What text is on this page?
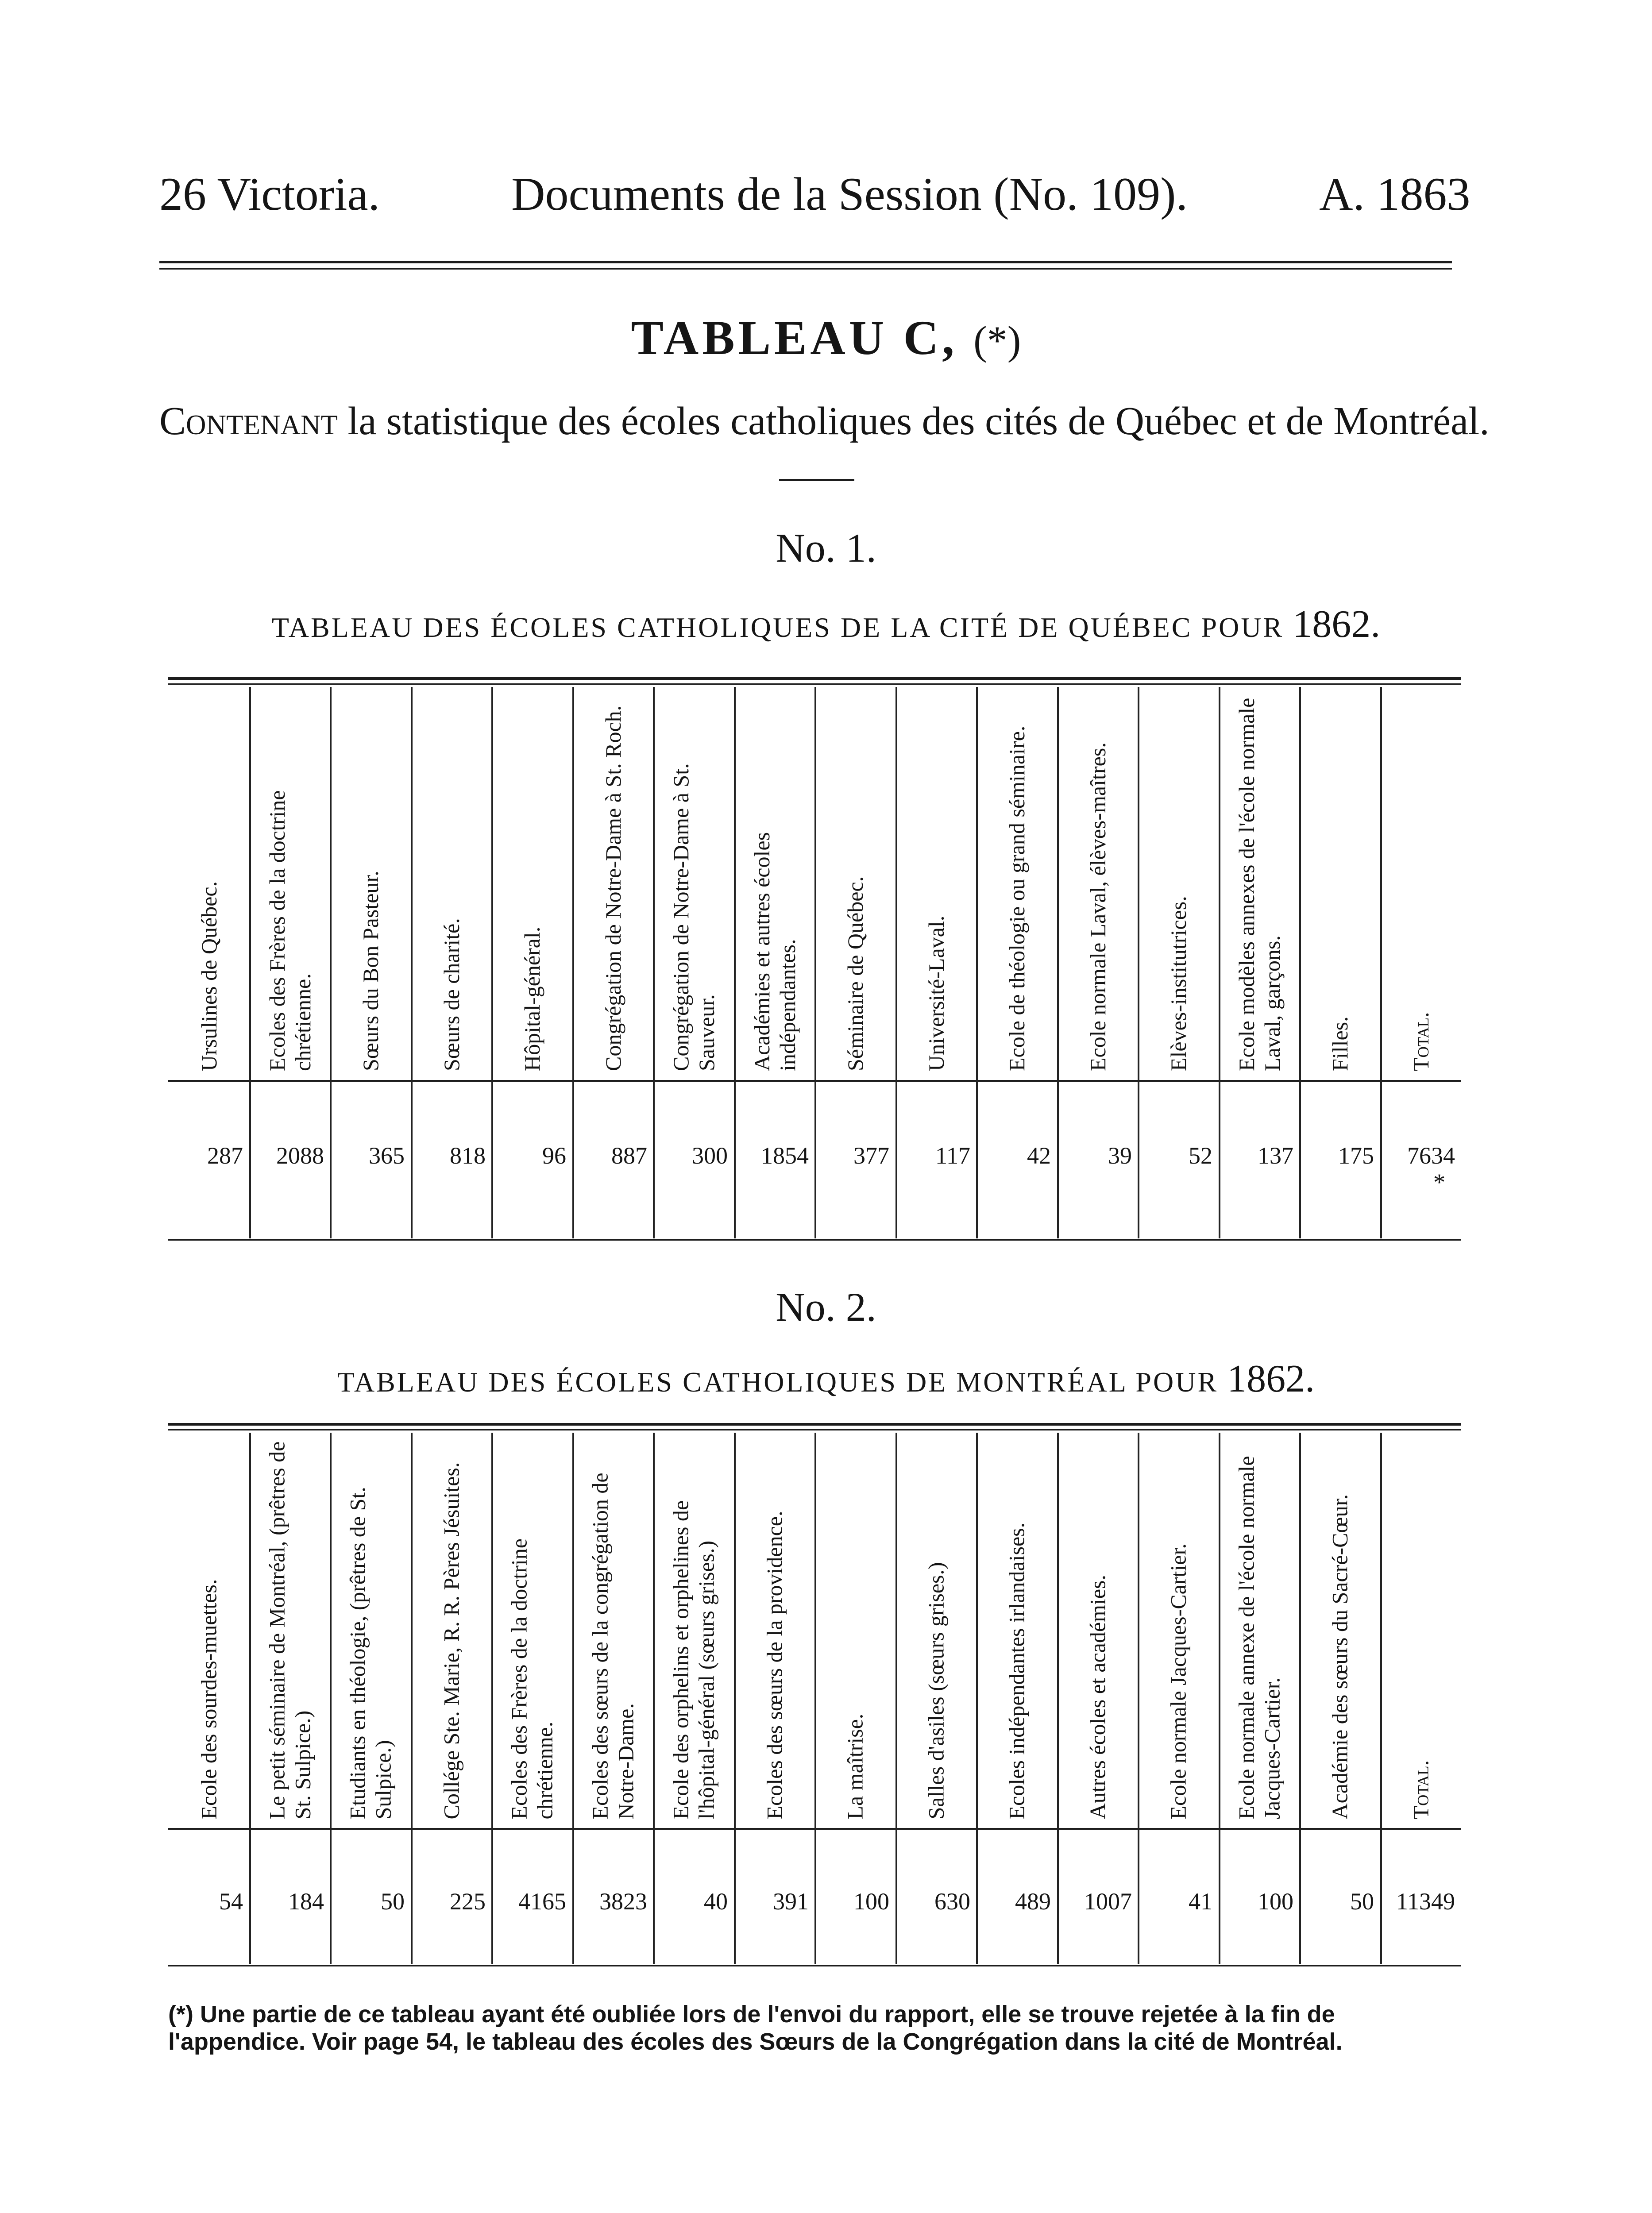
26 Victoria.	Documents de la Session (No. 109).	A. 1863
TABLEAU C, (*)
Contenant la statistique des écoles catholiques des cités de Québec et de Montréal.
No. 1.
TABLEAU DES ÉCOLES CATHOLIQUES DE LA CITÉ DE QUÉBEC POUR 1862.
Ursulines de Québec.
287
Ecoles des Frères de la doctrine chrétienne.
2088
Sœurs du Bon Pasteur.
365
Sœurs de charité.
818
Hôpital-général.
96
Congrégation de Notre-Dame à St. Roch.
887
Congrégation de Notre-Dame à St. Sauveur.
300
Académies et autres écoles indépendantes.
1854
Séminaire de Québec.
377
Université-Laval.
117
Ecole de théologie ou grand séminaire.
42
Ecole normale Laval, élèves-maîtres.
39
Elèves-institutrices.
52
Ecole modèles annexes de l'école normale Laval, garçons.
137
Filles.
175
Total.
7634
*
No. 2.
TABLEAU DES ÉCOLES CATHOLIQUES DE MONTRÉAL POUR 1862.
Ecole des sourdes-muettes.
54
Le petit séminaire de Montréal, (prêtres de St. Sulpice.)
184
Etudiants en théologie, (prêtres de St. Sulpice.)
50
Collége Ste. Marie, R. R. Pères Jésuites.
225
Ecoles des Frères de la doctrine chrétienne.
4165
Ecoles des sœurs de la congrégation de Notre-Dame.
3823
Ecole des orphelins et orphelines de l'hôpital-général (sœurs grises.)
40
Ecoles des sœurs de la providence.
391
La maîtrise.
100
Salles d'asiles (sœurs grises.)
630
Ecoles indépendantes irlandaises.
489
Autres écoles et académies.
1007
Ecole normale Jacques-Cartier.
41
Ecole normale annexe de l'école normale Jacques-Cartier.
100
Académie des sœurs du Sacré-Cœur.
50
Total.
11349
(*) Une partie de ce tableau ayant été oubliée lors de l'envoi du rapport, elle se trouve rejetée à la fin de l'appendice. Voir page 54, le tableau des écoles des Sœurs de la Congrégation dans la cité de Montréal.
